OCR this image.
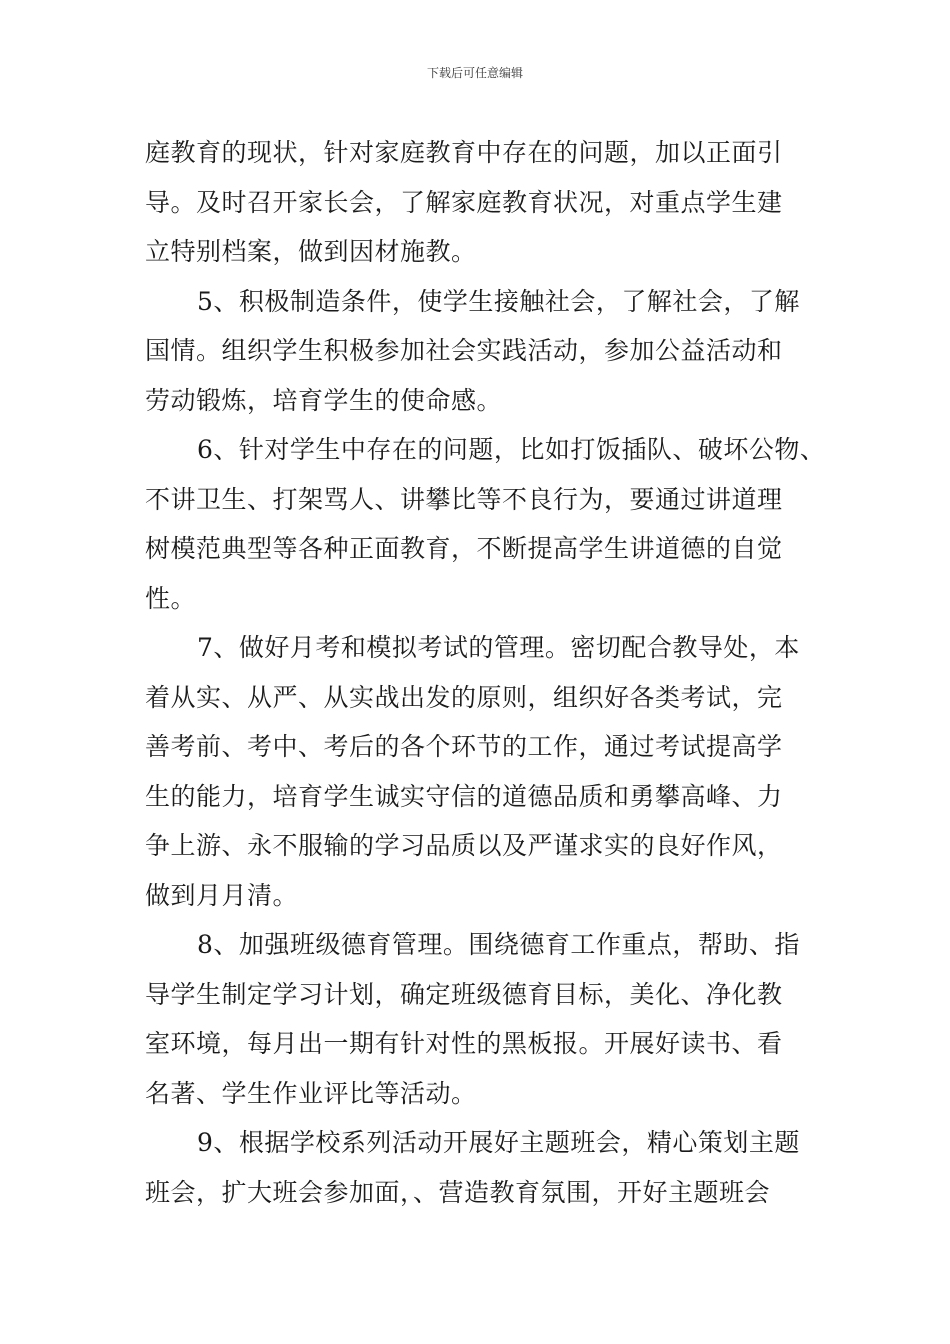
下载后可任意编辑
庭教育的现状，针对家庭教育中存在的问题，加以正面引
导。及时召开家长会，了解家庭教育状况，对重点学生建
立特别档案，做到因材施教。
5、积极制造条件，使学生接触社会，了解社会，了解
国情。组织学生积极参加社会实践活动，参加公益活动和
劳动锻炼，培育学生的使命感。
6、针对学生中存在的问题，比如打饭插队、破坏公物、
不讲卫生、打架骂人、讲攀比等不良行为，要通过讲道理
树模范典型等各种正面教育，不断提高学生讲道德的自觉
性。
7、做好月考和模拟考试的管理。密切配合教导处，本
着从实、从严、从实战出发的原则，组织好各类考试，完
善考前、考中、考后的各个环节的工作，通过考试提高学
生的能力，培育学生诚实守信的道德品质和勇攀高峰、力
争上游、永不服输的学习品质以及严谨求实的良好作风，
做到月月清。
8、加强班级德育管理。围绕德育工作重点，帮助、指
导学生制定学习计划，确定班级德育目标，美化、净化教
室环境，每月出一期有针对性的黑板报。开展好读书、看
名著、学生作业评比等活动。
9、根据学校系列活动开展好主题班会，精心策划主题
班会，扩大班会参加面，、营造教育氛围，开好主题班会
